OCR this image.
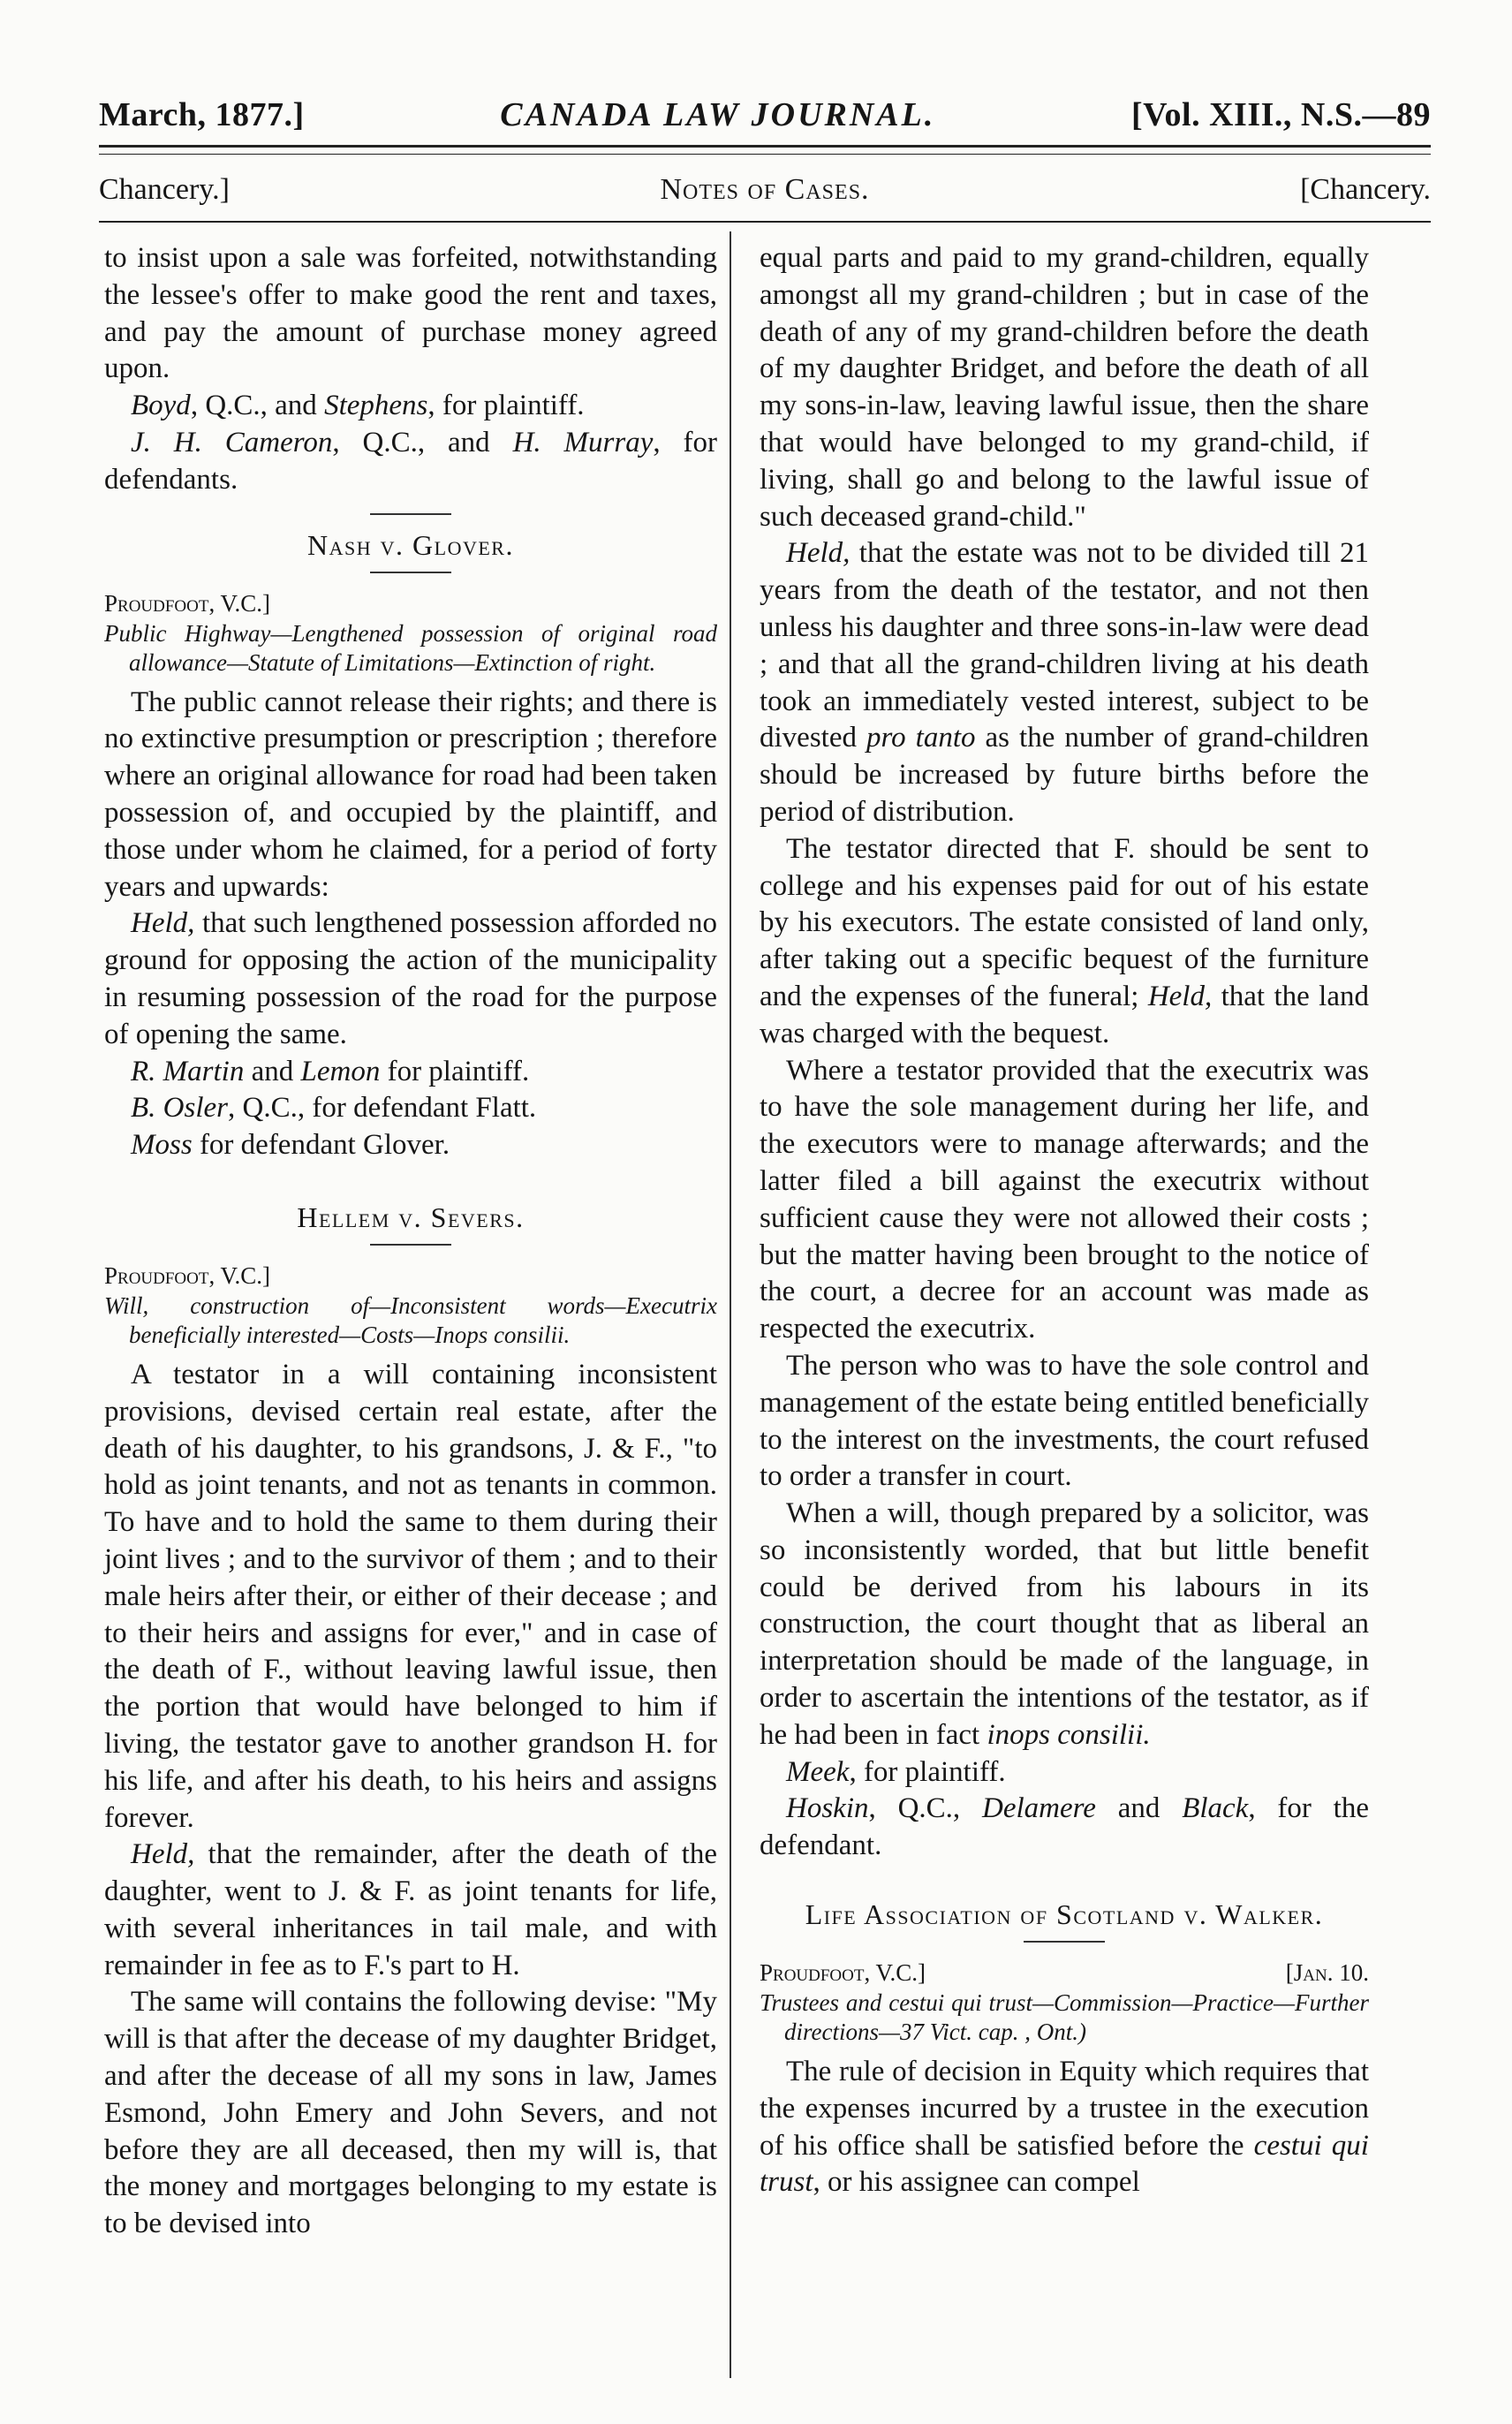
March, 1877.]	CANADA LAW JOURNAL.	[Vol. XIII., N.S.—89
Chancery.]	Notes of Cases.	[Chancery.

to insist upon a sale was forfeited, notwithstanding the lessee's offer to make good the rent and taxes, and pay the amount of purchase money agreed upon.

Boyd, Q.C., and Stephens, for plaintiff.

J. H. Cameron, Q.C., and H. Murray, for defendants.

Nash v. Glover.
Proudfoot, V.C.]

Public Highway—Lengthened possession of original road allowance—Statute of Limitations—Extinction of right.

The public cannot release their rights; and there is no extinctive presumption or prescription ; therefore where an original allowance for road had been taken possession of, and occupied by the plaintiff, and those under whom he claimed, for a period of forty years and upwards:

Held, that such lengthened possession afforded no ground for opposing the action of the municipality in resuming possession of the road for the purpose of opening the same.

R. Martin and Lemon for plaintiff.

B. Osler, Q.C., for defendant Flatt.

Moss for defendant Glover.

Hellem v. Severs.
Proudfoot, V.C.]

Will, construction of—Inconsistent words—Executrix beneficially interested—Costs—Inops consilii.

A testator in a will containing inconsistent provisions, devised certain real estate, after the death of his daughter, to his grandsons, J. & F., "to hold as joint tenants, and not as tenants in common. To have and to hold the same to them during their joint lives ; and to the survivor of them ; and to their male heirs after their, or either of their decease ; and to their heirs and assigns for ever," and in case of the death of F., without leaving lawful issue, then the portion that would have belonged to him if living, the testator gave to another grandson H. for his life, and after his death, to his heirs and assigns forever.

Held, that the remainder, after the death of the daughter, went to J. & F. as joint tenants for life, with several inheritances in tail male, and with remainder in fee as to F.'s part to H.

The same will contains the following devise: "My will is that after the decease of my daughter Bridget, and after the decease of all my sons in law, James Esmond, John Emery and John Severs, and not before they are all deceased, then my will is, that the money and mortgages belonging to my estate is to be devised into

equal parts and paid to my grand-children, equally amongst all my grand-children ; but in case of the death of any of my grand-children before the death of my daughter Bridget, and before the death of all my sons-in-law, leaving lawful issue, then the share that would have belonged to my grand-child, if living, shall go and belong to the lawful issue of such deceased grand-child."

Held, that the estate was not to be divided till 21 years from the death of the testator, and not then unless his daughter and three sons-in-law were dead ; and that all the grand-children living at his death took an immediately vested interest, subject to be divested pro tanto as the number of grand-children should be increased by future births before the period of distribution.

The testator directed that F. should be sent to college and his expenses paid for out of his estate by his executors. The estate consisted of land only, after taking out a specific bequest of the furniture and the expenses of the funeral; Held, that the land was charged with the bequest.

Where a testator provided that the executrix was to have the sole management during her life, and the executors were to manage afterwards; and the latter filed a bill against the executrix without sufficient cause they were not allowed their costs ; but the matter having been brought to the notice of the court, a decree for an account was made as respected the executrix.

The person who was to have the sole control and management of the estate being entitled beneficially to the interest on the investments, the court refused to order a transfer in court.

When a will, though prepared by a solicitor, was so inconsistently worded, that but little benefit could be derived from his labours in its construction, the court thought that as liberal an interpretation should be made of the language, in order to ascertain the intentions of the testator, as if he had been in fact inops consilii.

Meek, for plaintiff.

Hoskin, Q.C., Delamere and Black, for the defendant.

Life Association of Scotland v. Walker.
Proudfoot, V.C.]	[Jan. 10.

Trustees and cestui qui trust—Commission—Practice—Further directions—37 Vict. cap. , Ont.)

The rule of decision in Equity which requires that the expenses incurred by a trustee in the execution of his office shall be satisfied before the cestui qui trust, or his assignee can compel
